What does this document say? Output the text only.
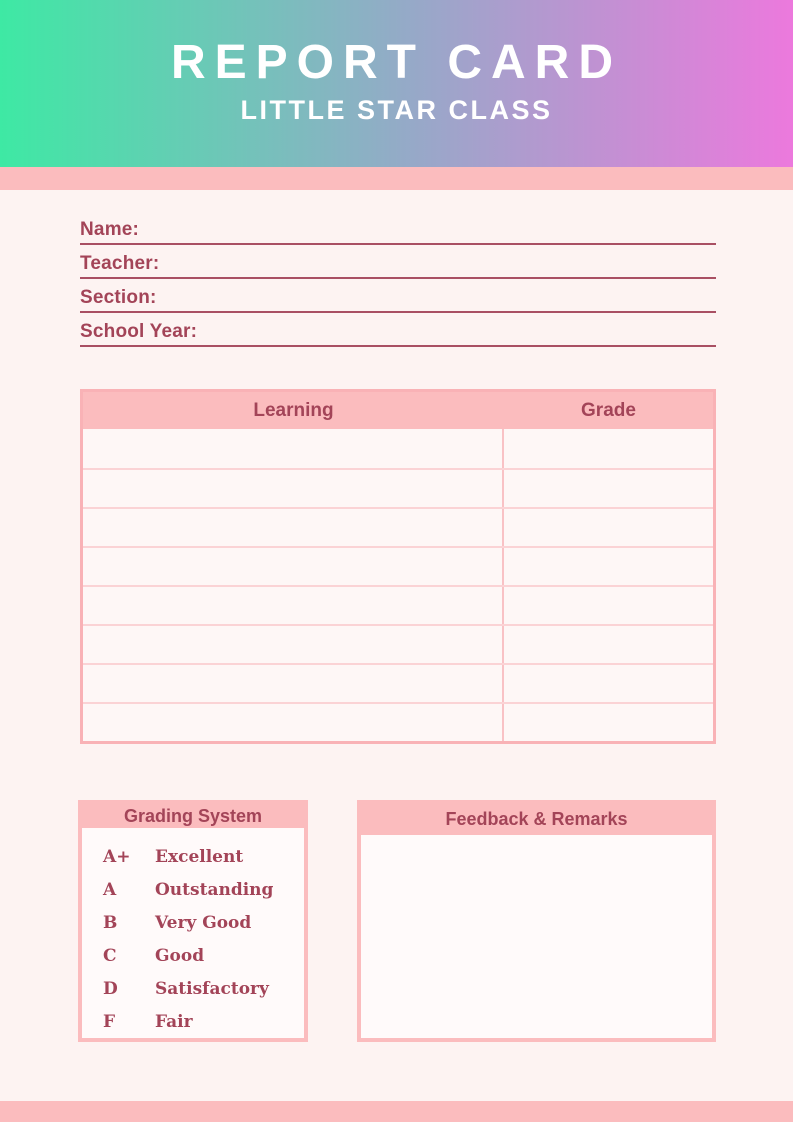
REPORT CARD
LITTLE STAR CLASS
Name:
Teacher:
Section:
School Year:
Learning	Grade
Grading System
A+	Excellent
A	Outstanding
B	Very Good
C	Good
D	Satisfactory
F	Fair
Feedback & Remarks
